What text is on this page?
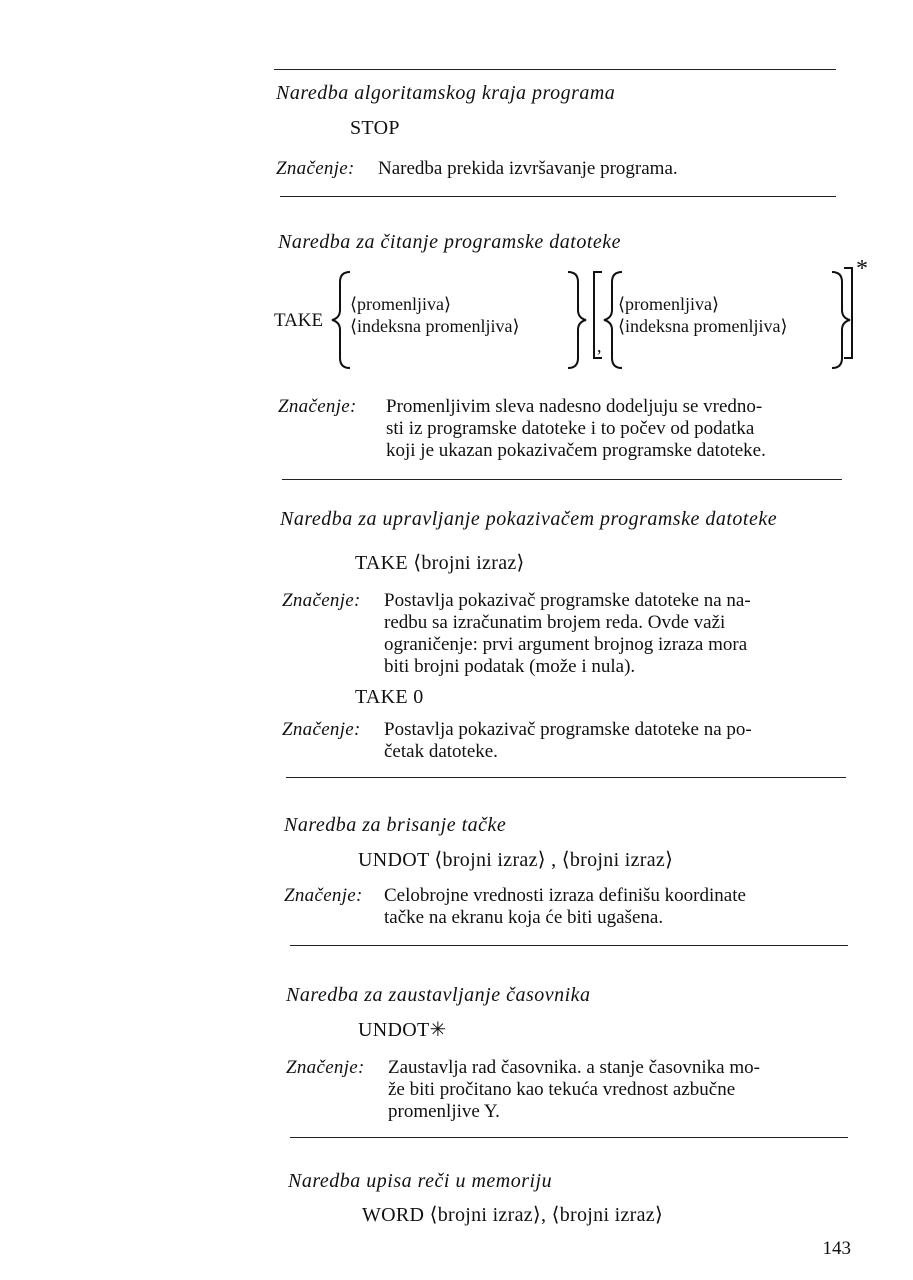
Naredba algoritamskog kraja programa
STOP
Značenje: Naredba prekida izvršavanje programa.
Naredba za čitanje programske datoteke
TAKE
⟨promenljiva⟩
⟨indeksna promenljiva⟩
,
⟨promenljiva⟩
⟨indeksna promenljiva⟩
*
Značenje: Promenljivim sleva nadesno dodeljuju se vredno-
sti iz programske datoteke i to počev od podatka
koji je ukazan pokazivačem programske datoteke.
Naredba za upravljanje pokazivačem programske datoteke
TAKE ⟨brojni izraz⟩
Značenje: Postavlja pokazivač programske datoteke na na-
redbu sa izračunatim brojem reda. Ovde važi
ograničenje: prvi argument brojnog izraza mora
biti brojni podatak (može i nula).
TAKE 0
Značenje: Postavlja pokazivač programske datoteke na po-
četak datoteke.
Naredba za brisanje tačke
UNDOT ⟨brojni izraz⟩ , ⟨brojni izraz⟩
Značenje: Celobrojne vrednosti izraza definišu koordinate
tačke na ekranu koja će biti ugašena.
Naredba za zaustavljanje časovnika
UNDOT✳
Značenje: Zaustavlja rad časovnika. a stanje časovnika mo-
že biti pročitano kao tekuća vrednost azbučne
promenljive Y.
Naredba upisa reči u memoriju
WORD ⟨brojni izraz⟩, ⟨brojni izraz⟩
143
